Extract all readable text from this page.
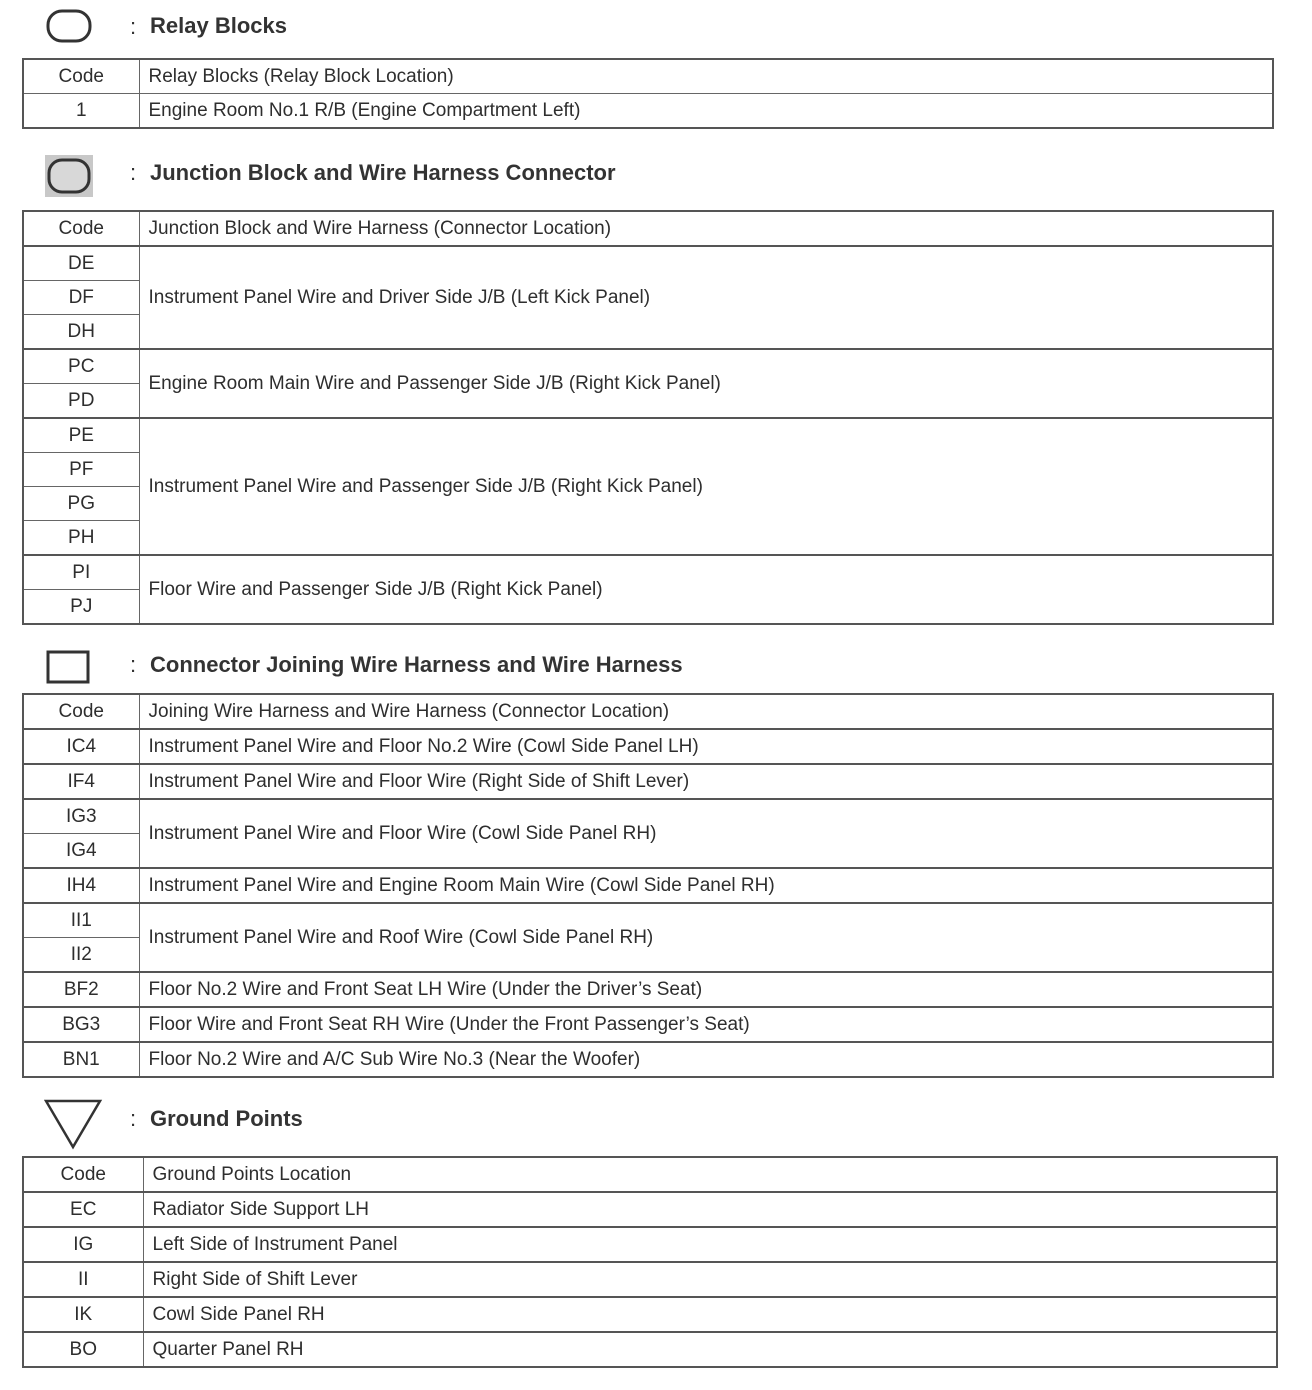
: Relay Blocks
Code	Relay Blocks (Relay Block Location)
1	Engine Room No.1 R/B (Engine Compartment Left)
: Junction Block and Wire Harness Connector
Code	Junction Block and Wire Harness (Connector Location)
DE	Instrument Panel Wire and Driver Side J/B (Left Kick Panel)
DF	
DH	
PC	Engine Room Main Wire and Passenger Side J/B (Right Kick Panel)
PD	
PE	Instrument Panel Wire and Passenger Side J/B (Right Kick Panel)
PF	
PG	
PH	
PI	Floor Wire and Passenger Side J/B (Right Kick Panel)
PJ	
: Connector Joining Wire Harness and Wire Harness
Code	Joining Wire Harness and Wire Harness (Connector Location)
IC4	Instrument Panel Wire and Floor No.2 Wire (Cowl Side Panel LH)
IF4	Instrument Panel Wire and Floor Wire (Right Side of Shift Lever)
IG3	Instrument Panel Wire and Floor Wire (Cowl Side Panel RH)
IG4	
IH4	Instrument Panel Wire and Engine Room Main Wire (Cowl Side Panel RH)
II1	Instrument Panel Wire and Roof Wire (Cowl Side Panel RH)
II2	
BF2	Floor No.2 Wire and Front Seat LH Wire (Under the Driver’s Seat)
BG3	Floor Wire and Front Seat RH Wire (Under the Front Passenger’s Seat)
BN1	Floor No.2 Wire and A/C Sub Wire No.3 (Near the Woofer)
: Ground Points
Code	Ground Points Location
EC	Radiator Side Support LH
IG	Left Side of Instrument Panel
II	Right Side of Shift Lever
IK	Cowl Side Panel RH
BO	Quarter Panel RH
